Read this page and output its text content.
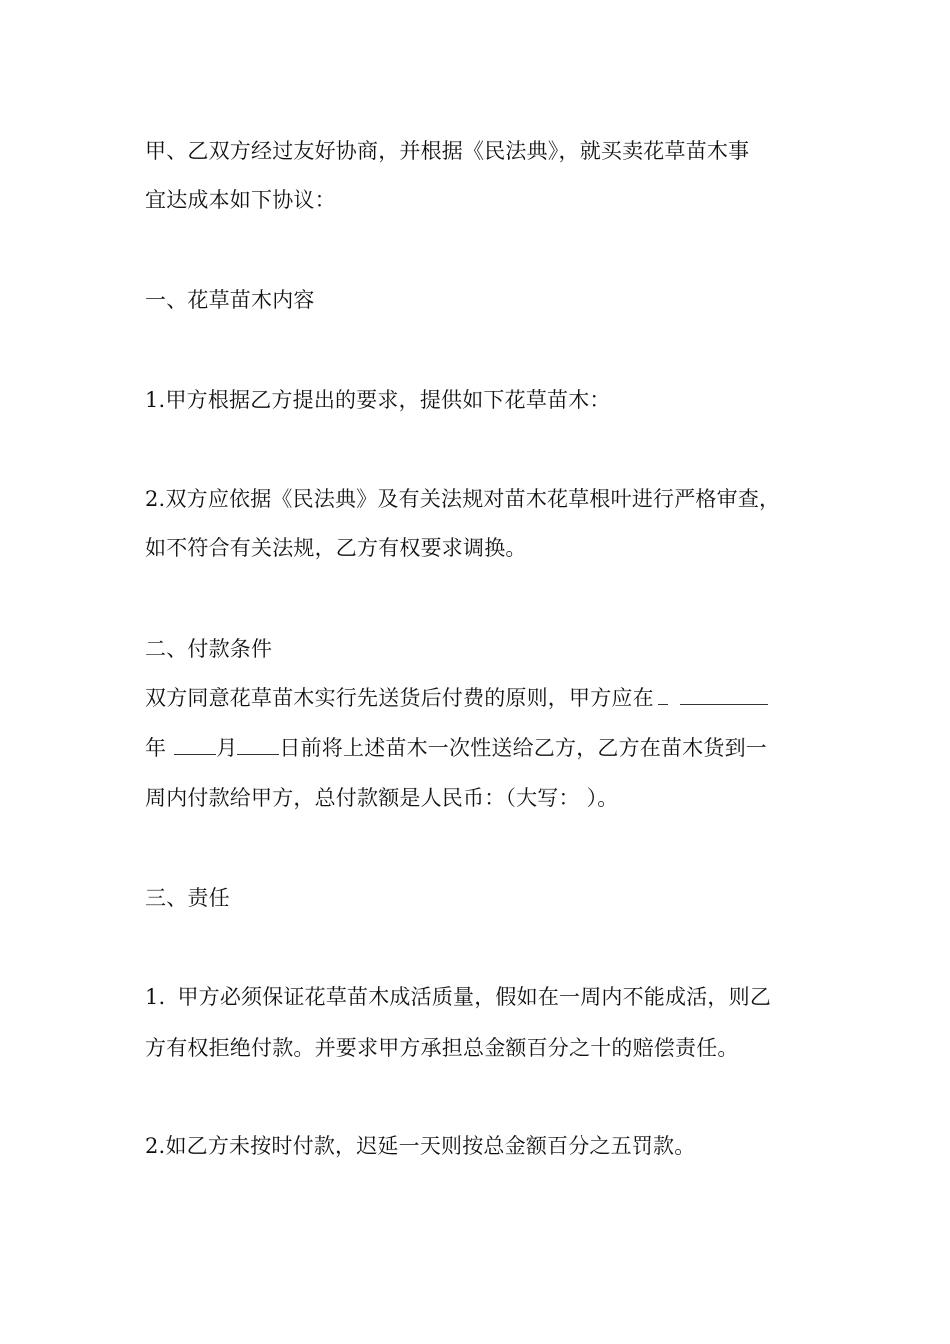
甲、乙双方经过友好协商，并根据《民法典》，就买卖花草苗木事
宜达成本如下协议：
一、花草苗木内容
1.甲方根据乙方提出的要求，提供如下花草苗木：
2.双方应依据《民法典》及有关法规对苗木花草根叶进行严格审查，
如不符合有关法规，乙方有权要求调换。
二、付款条件
双方同意花草苗木实行先送货后付费的原则，甲方应在
年 月 日前将上述苗木一次性送给乙方，乙方在苗木货到一
周内付款给甲方，总付款额是人民币：（大写： ）。
三、责任
1. 甲方必须保证花草苗木成活质量，假如在一周内不能成活，则乙
方有权拒绝付款。并要求甲方承担总金额百分之十的赔偿责任。
2.如乙方未按时付款，迟延一天则按总金额百分之五罚款。
